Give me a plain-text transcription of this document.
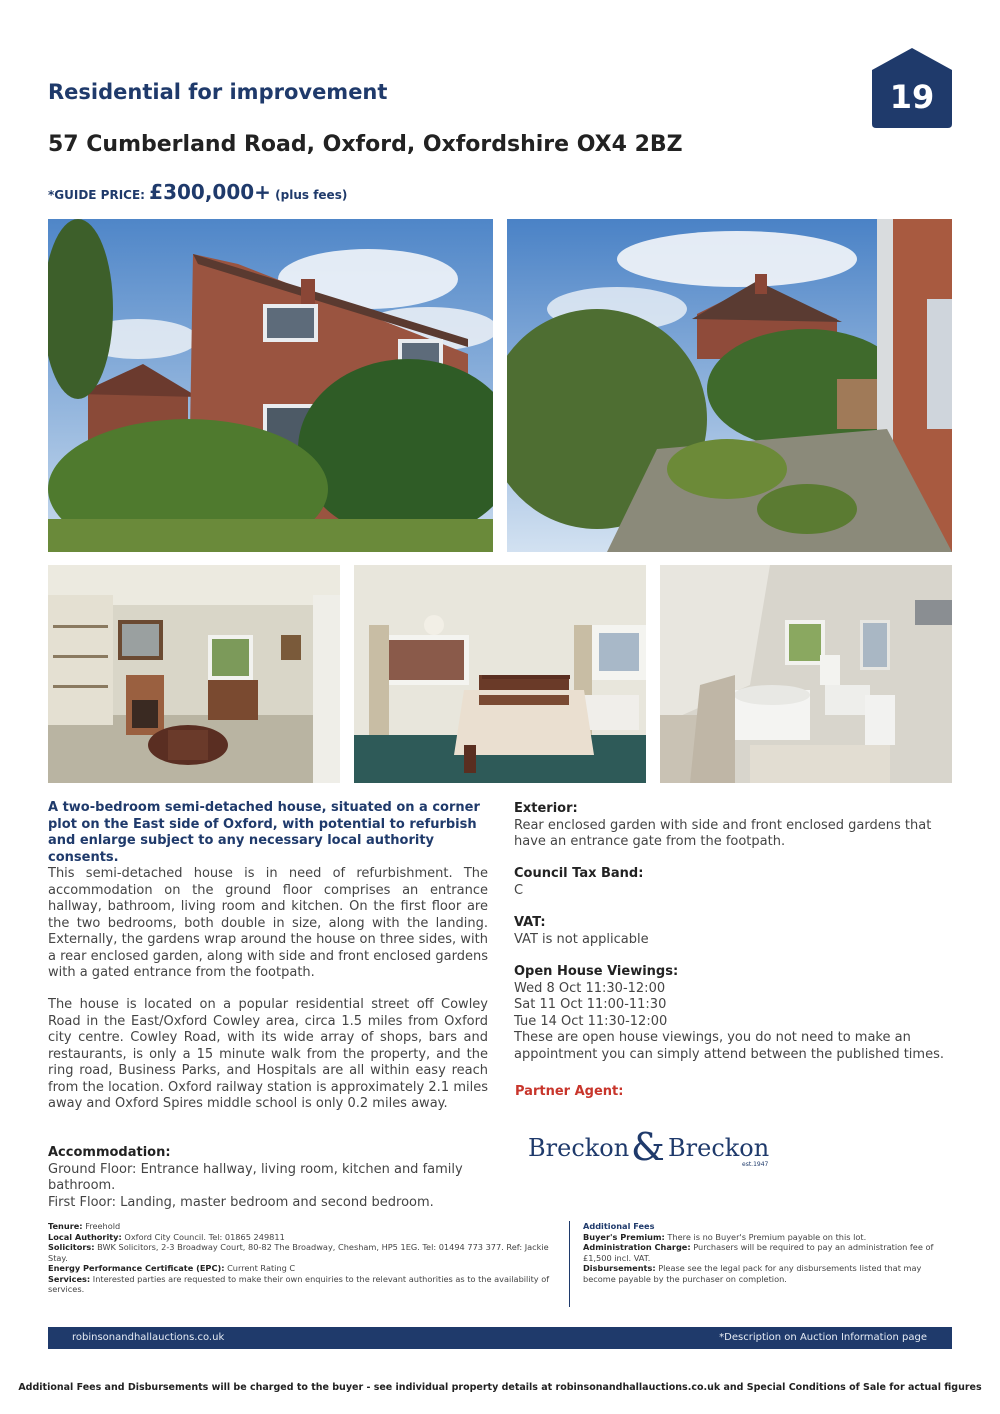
Residential for improvement
57 Cumberland Road, Oxford, Oxfordshire OX4 2BZ
*GUIDE PRICE: £300,000+ (plus fees)
19
A two-bedroom semi-detached house, situated on a corner plot on the East side of Oxford, with potential to refurbish and enlarge subject to any necessary local authority consents.
This semi-detached house is in need of refurbishment. The accommodation on the ground floor comprises an entrance hallway, bathroom, living room and kitchen. On the first floor are the two bedrooms, both double in size, along with the landing. Externally, the gardens wrap around the house on three sides, with a rear enclosed garden, along with side and front enclosed gardens with a gated entrance from the footpath.
The house is located on a popular residential street off Cowley Road in the East/Oxford Cowley area, circa 1.5 miles from Oxford city centre. Cowley Road, with its wide array of shops, bars and restaurants, is only a 15 minute walk from the property, and the ring road, Business Parks, and Hospitals are all within easy reach from the location. Oxford railway station is approximately 2.1 miles away and Oxford Spires middle school is only 0.2 miles away.
Accommodation:
Ground Floor: Entrance hallway, living room, kitchen and family bathroom.
First Floor: Landing, master bedroom and second bedroom.
Exterior:
Rear enclosed garden with side and front enclosed gardens that have an entrance gate from the footpath.
Council Tax Band:
C
VAT:
VAT is not applicable
Open House Viewings:
Wed 8 Oct 11:30-12:00
Sat 11 Oct 11:00-11:30
Tue 14 Oct 11:30-12:00
These are open house viewings, you do not need to make an appointment you can simply attend between the published times.
Partner Agent:
Breckon & Breckon
est.1947
Tenure: Freehold
Local Authority: Oxford City Council. Tel: 01865 249811
Solicitors: BWK Solicitors, 2-3 Broadway Court, 80-82 The Broadway, Chesham, HP5 1EG. Tel: 01494 773 377. Ref: Jackie Stay.
Energy Performance Certificate (EPC): Current Rating C
Services: Interested parties are requested to make their own enquiries to the relevant authorities as to the availability of services.
Additional Fees
Buyer's Premium: There is no Buyer's Premium payable on this lot.
Administration Charge: Purchasers will be required to pay an administration fee of £1,500 incl. VAT.
Disbursements: Please see the legal pack for any disbursements listed that may become payable by the purchaser on completion.
robinsonandhallauctions.co.uk	*Description on Auction Information page
Additional Fees and Disbursements will be charged to the buyer - see individual property details at robinsonandhallauctions.co.uk and Special Conditions of Sale for actual figures
